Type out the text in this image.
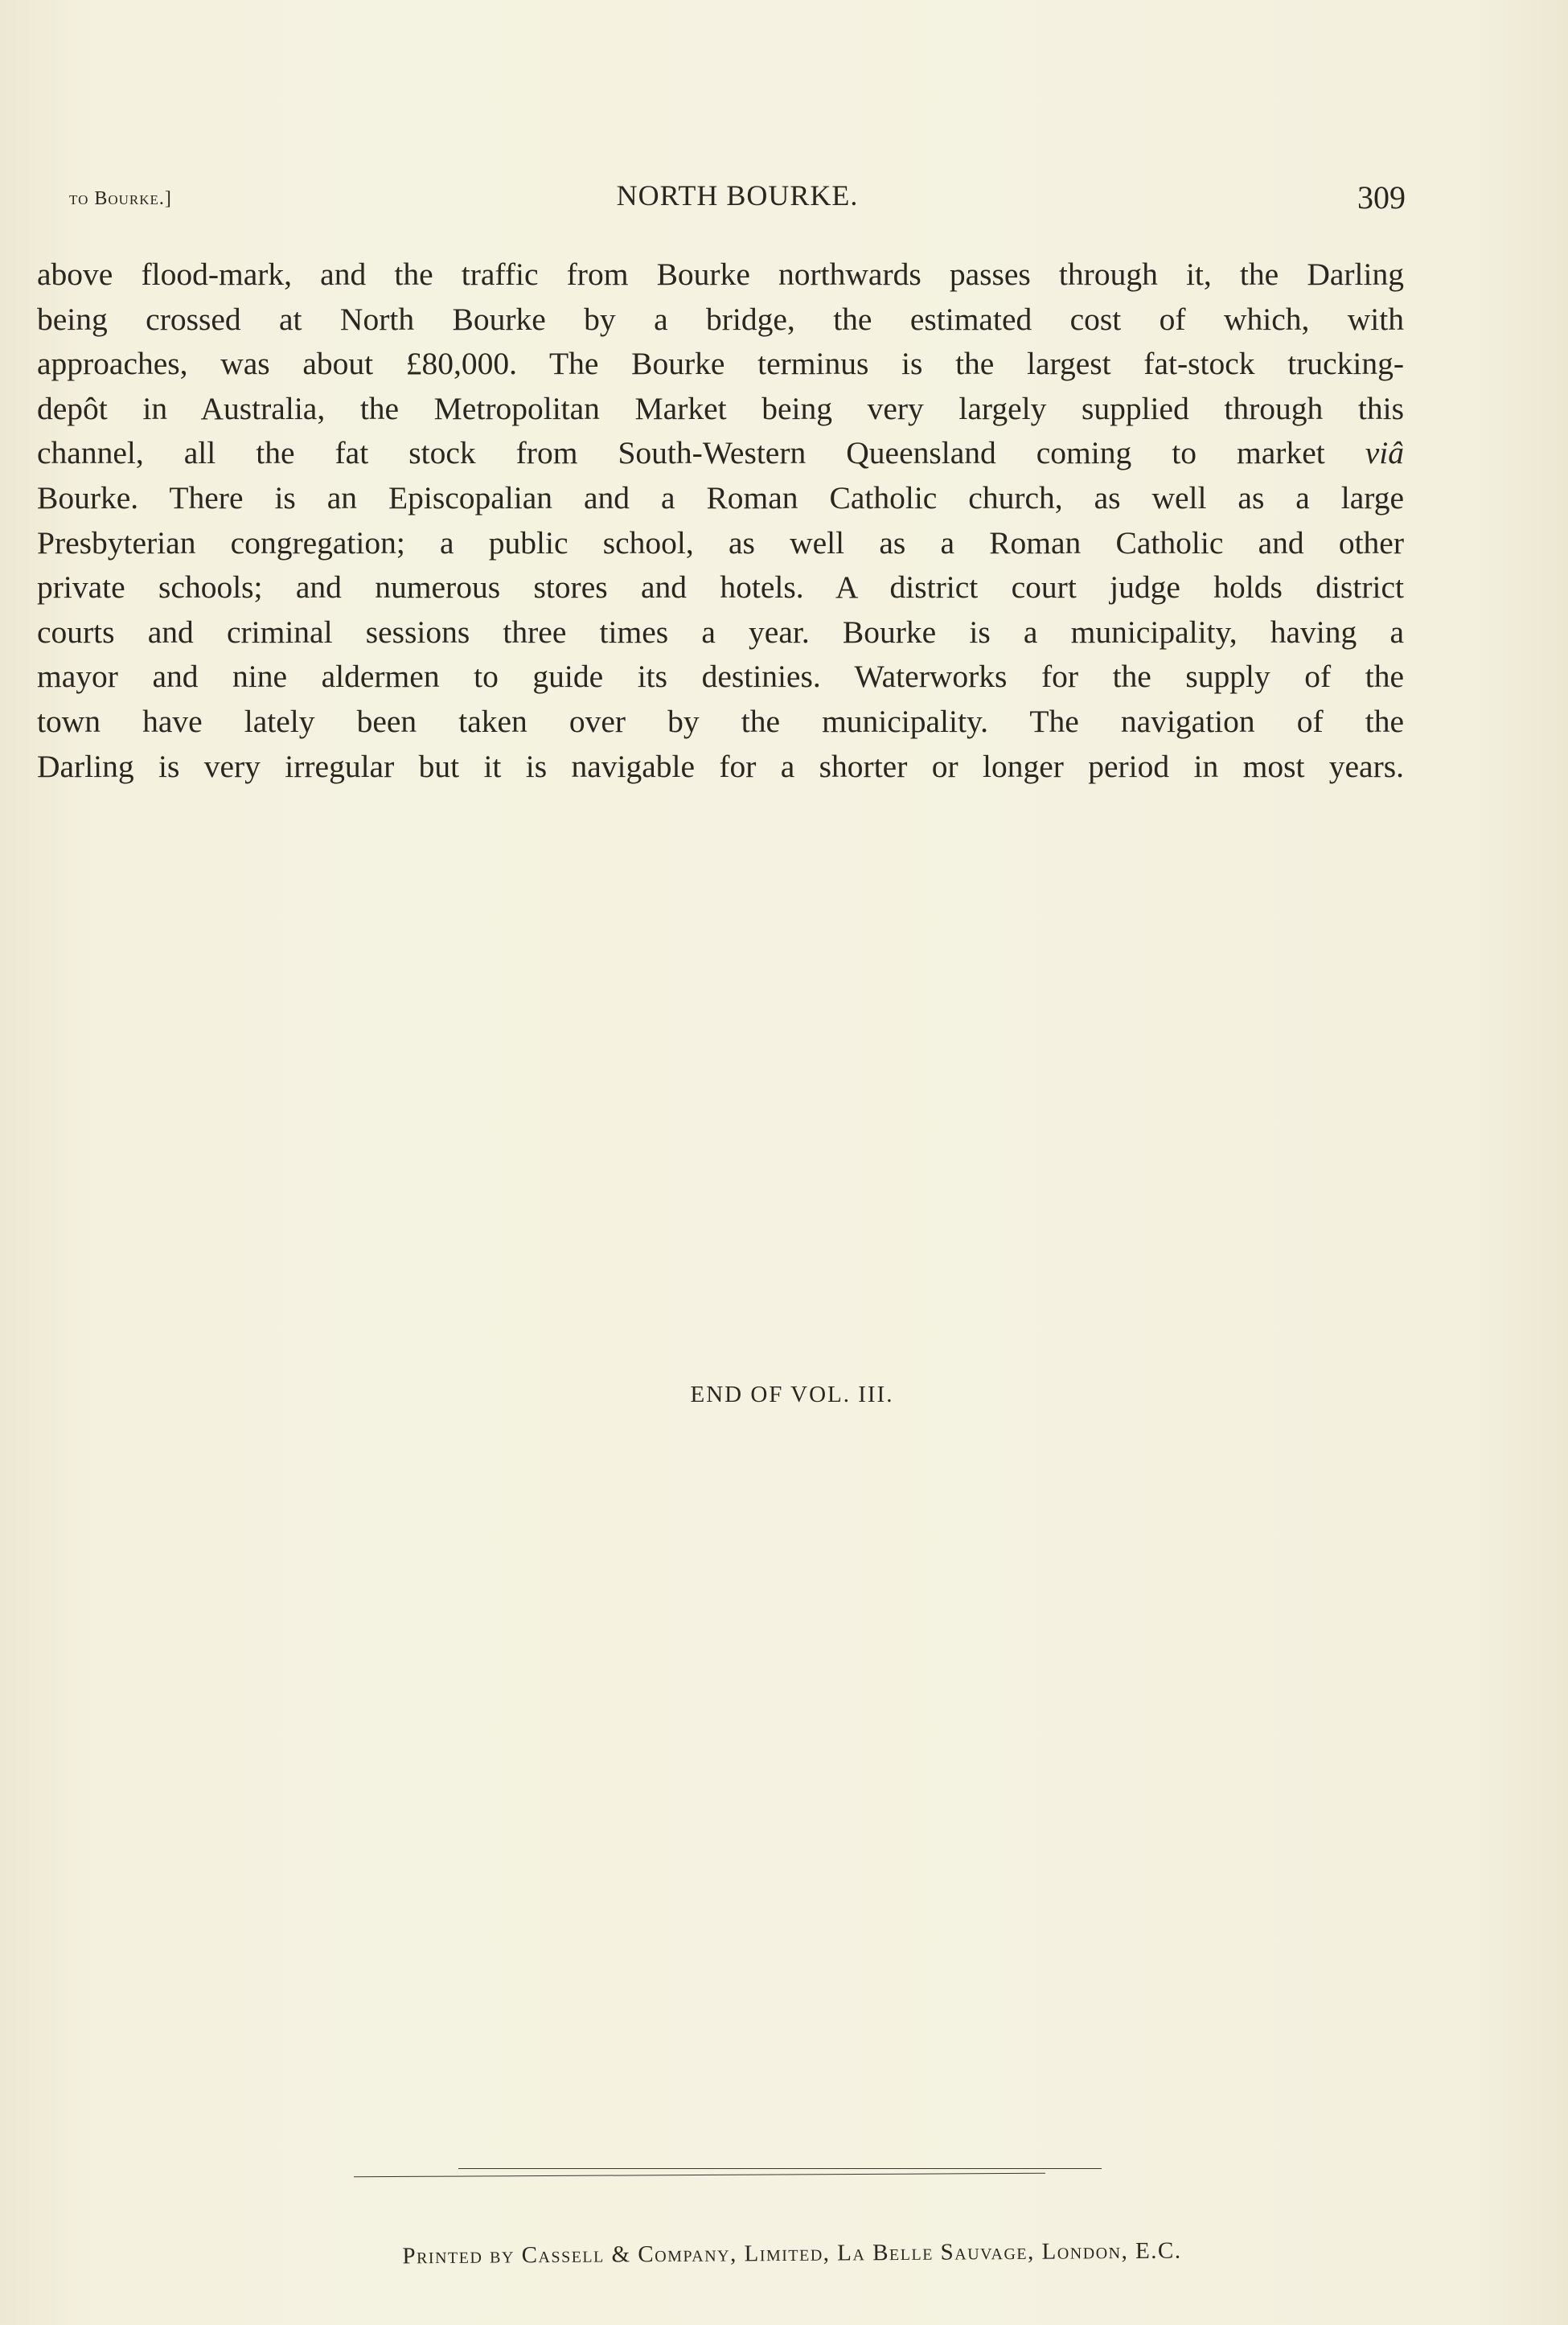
to Bourke.]	NORTH BOURKE.	309
above flood-mark, and the traffic from Bourke northwards passes through it, the Darling
being crossed at North Bourke by a bridge, the estimated cost of which, with
approaches, was about £80,000. The Bourke terminus is the largest fat-stock trucking-
depôt in Australia, the Metropolitan Market being very largely supplied through this
channel, all the fat stock from South-Western Queensland coming to market viâ
Bourke. There is an Episcopalian and a Roman Catholic church, as well as a large
Presbyterian congregation; a public school, as well as a Roman Catholic and other
private schools; and numerous stores and hotels. A district court judge holds district
courts and criminal sessions three times a year. Bourke is a municipality, having a
mayor and nine aldermen to guide its destinies. Waterworks for the supply of the
town have lately been taken over by the municipality. The navigation of the
Darling is very irregular but it is navigable for a shorter or longer period in most years.
END OF VOL. III.
Printed by Cassell & Company, Limited, La Belle Sauvage, London, E.C.
